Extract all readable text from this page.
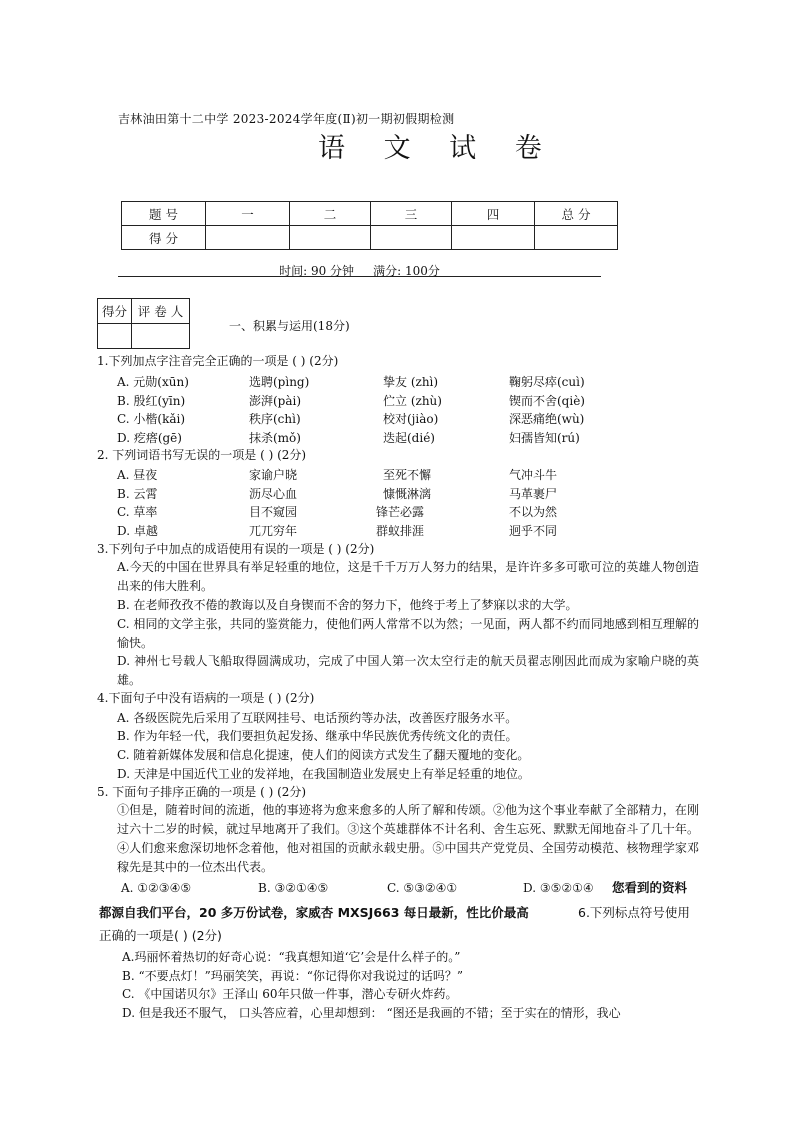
吉林油田第十二中学 2023-2024学年度(Ⅱ)初一期初假期检测
语 文 试 卷
题 号	一	二	三	四	总 分
得 分					
时间: 90 分钟     满分: 100分
得分	评 卷 人

一、积累与运用(18分)
1.下列加点字注音完全正确的一项是 ( ) (2分)
A. 元勋(xūn)	选聘(pìng)	挚友 (zhì)	鞠躬尽瘁(cuì)
B. 殷红(yīn)	澎湃(pài)	伫立 (zhù)	锲而不舍(qiè)
C. 小楷(kǎi)	秩序(chì)	校对(jiào)	深恶痛绝(wù)
D. 疙瘩(gē)	抹杀(mǒ)	迭起(dié)	妇孺皆知(rú)
2. 下列词语书写无误的一项是 ( ) (2分)
A. 昼夜	家谕户晓	至死不懈	气冲斗牛
B. 云霄	沥尽心血	慷慨淋漓	马革裹尸
C. 草率	目不窥园	锋芒必露	不以为然
D. 卓越	兀兀穷年	群蚁排涯	迥乎不同
3.下列句子中加点的成语使用有误的一项是 ( ) (2分)
A.今天的中国在世界具有举足轻重的地位，这是千千万万人努力的结果，是许许多多可歌可泣的英雄人物创造出来的伟大胜利。
B. 在老师孜孜不倦的教诲以及自身锲而不舍的努力下，他终于考上了梦寐以求的大学。
C. 相同的文学主张，共同的鉴赏能力，使他们两人常常不以为然；一见面，两人都不约而同地感到相互理解的愉快。
D. 神州七号载人飞船取得圆满成功，完成了中国人第一次太空行走的航天员翟志刚因此而成为家喻户晓的英雄。
4.下面句子中没有语病的一项是 ( ) (2分)
A. 各级医院先后采用了互联网挂号、电话预约等办法，改善医疗服务水平。
B. 作为年轻一代，我们要担负起发扬、继承中华民族优秀传统文化的责任。
C. 随着新媒体发展和信息化提速，使人们的阅读方式发生了翻天覆地的变化。
D. 天津是中国近代工业的发祥地，在我国制造业发展史上有举足轻重的地位。
5. 下面句子排序正确的一项是 ( ) (2分)
①但是，随着时间的流逝，他的事迹将为愈来愈多的人所了解和传颂。②他为这个事业奉献了全部精力，在刚过六十二岁的时候，就过早地离开了我们。③这个英雄群体不计名利、舍生忘死、默默无闻地奋斗了几十年。④人们愈来愈深切地怀念着他，他对祖国的贡献永载史册。⑤中国共产党党员、全国劳动模范、核物理学家邓稼先是其中的一位杰出代表。
A. ①②③④⑤	B. ③②①④⑤	C. ⑤③②④①	D. ③⑤②①④ 您看到的资料
都源自我们平台，20 多万份试卷，家威杏 MXSJ663 每日最新，性比价最高	6.下列标点符号使用
正确的一项是( ) (2分)
A.玛丽怀着热切的好奇心说：“我真想知道‘它’会是什么样子的。”
B. “不要点灯！”玛丽笑笑，再说：“你记得你对我说过的话吗？”
C. 《中国诺贝尔》王泽山 60年只做一件事，潜心专研火炸药。
D. 但是我还不服气， 口头答应着，心里却想到： “图还是我画的不错；至于实在的情形，我心
